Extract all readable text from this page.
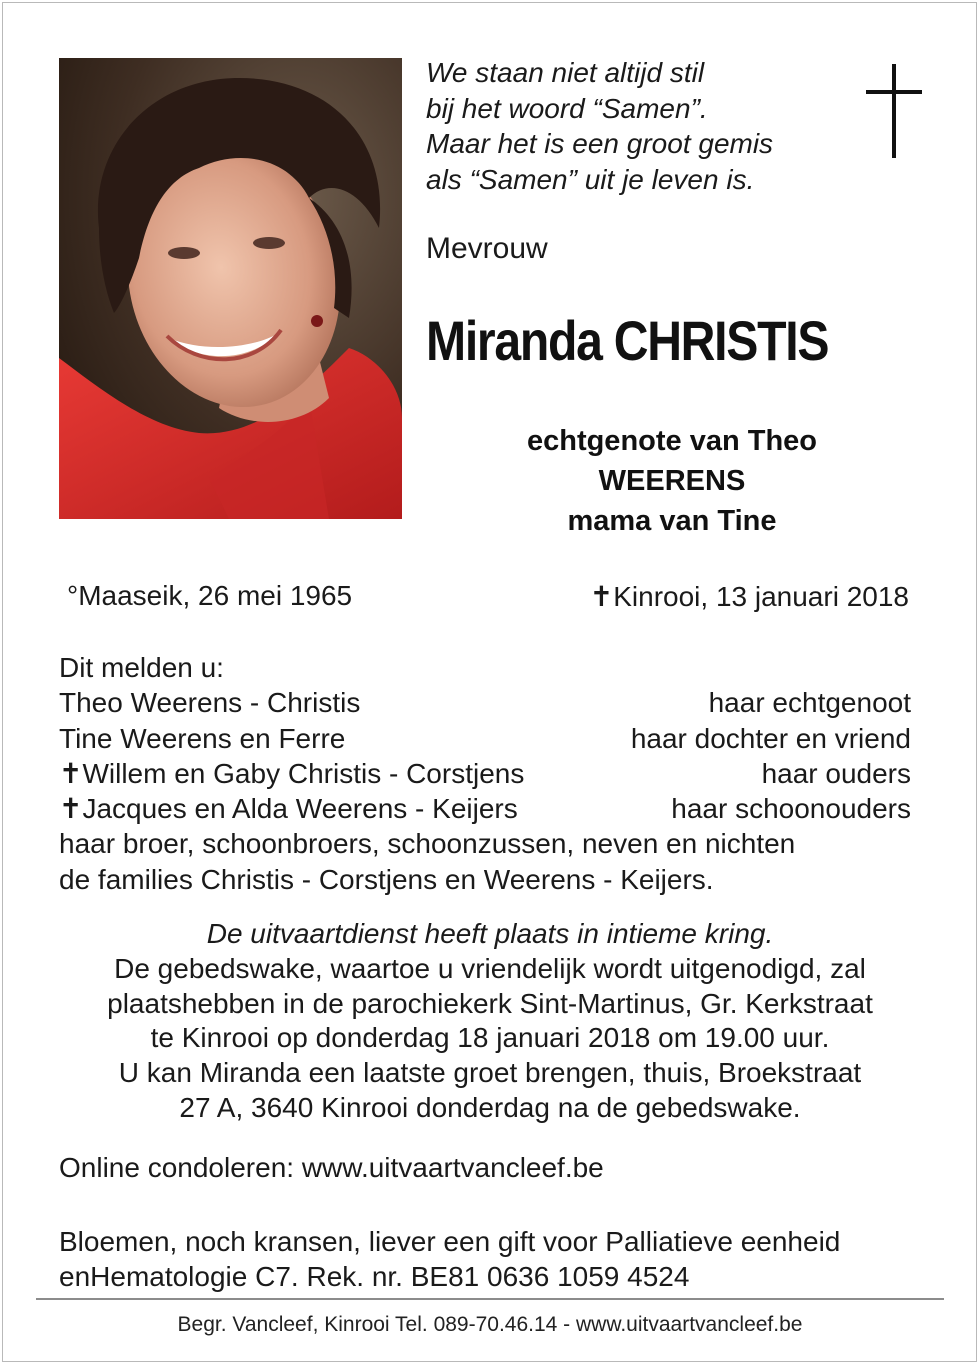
We staan niet altijd stil
bij het woord “Samen”.
Maar het is een groot gemis
als “Samen” uit je leven is.
Mevrouw
Miranda CHRISTIS
echtgenote van Theo
WEERENS
mama van Tine
°Maaseik, 26 mei 1965	✝Kinrooi, 13 januari 2018
Dit melden u:
Theo Weerens - Christis	haar echtgenoot
Tine Weerens en Ferre	haar dochter en vriend
✝Willem en Gaby Christis - Corstjens	haar ouders
✝Jacques en Alda Weerens - Keijers	haar schoonouders
haar broer, schoonbroers, schoonzussen, neven en nichten
de families Christis - Corstjens en Weerens - Keijers.
De uitvaartdienst heeft plaats in intieme kring.
De gebedswake, waartoe u vriendelijk wordt uitgenodigd, zal
plaatshebben in de parochiekerk Sint-Martinus, Gr. Kerkstraat
te Kinrooi op donderdag 18 januari 2018 om 19.00 uur.
U kan Miranda een laatste groet brengen, thuis, Broekstraat
27 A, 3640 Kinrooi donderdag na de gebedswake.
Online condoleren: www.uitvaartvancleef.be
Bloemen, noch kransen, liever een gift voor Palliatieve eenheid
enHematologie C7. Rek. nr. BE81 0636 1059 4524
Begr. Vancleef, Kinrooi Tel. 089-70.46.14 - www.uitvaartvancleef.be
